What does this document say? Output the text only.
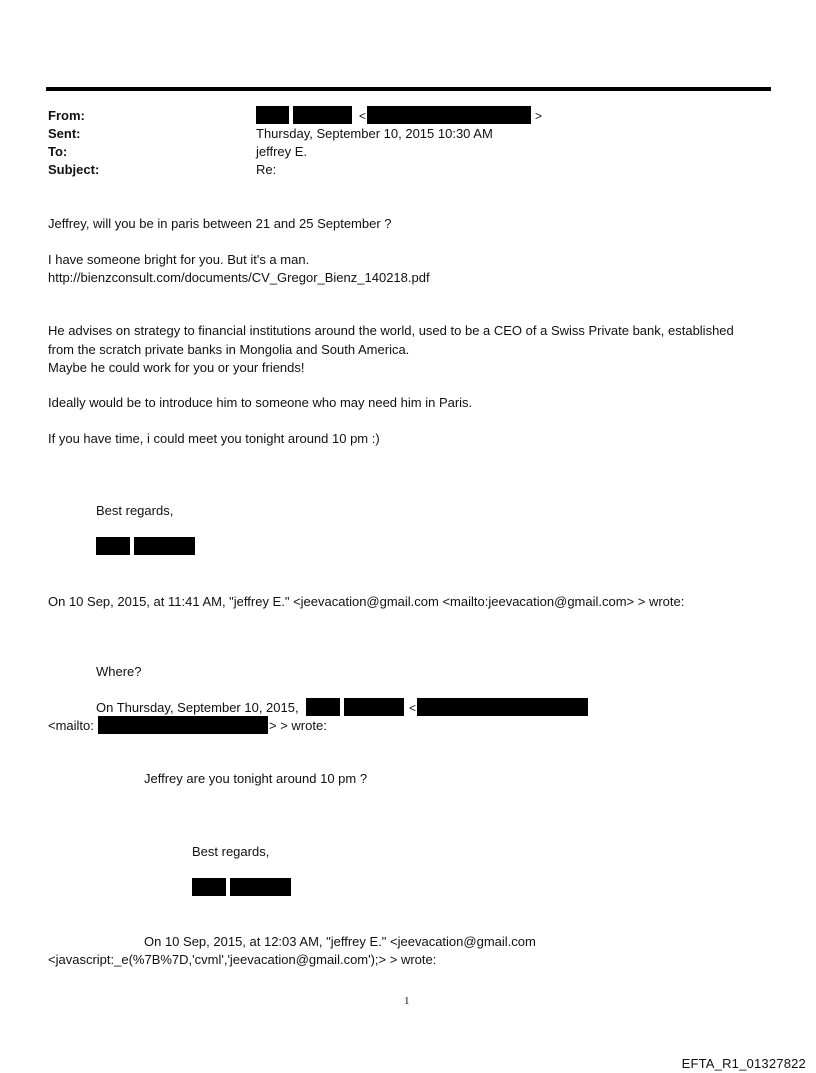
From:	<	>
Sent:	Thursday, September 10, 2015 10:30 AM
To:	jeffrey E.
Subject:	Re:
Jeffrey, will you be in paris between 21 and 25 September ?
I have someone bright for you. But it's a man.
http://bienzconsult.com/documents/CV_Gregor_Bienz_140218.pdf
He advises on strategy to financial institutions around the world, used to be a CEO of a Swiss Private bank, established
from the scratch private banks in Mongolia and South America.
Maybe he could work for you or your friends!
Ideally would be to introduce him to someone who may need him in Paris.
If you have time, i could meet you tonight around 10 pm :)
Best regards,
On 10 Sep, 2015, at 11:41 AM, "jeffrey E." <jeevacation@gmail.com <mailto:jeevacation@gmail.com> > wrote:
Where?
On Thursday, September 10, 2015,	<
<mailto:	> > wrote:
Jeffrey are you tonight around 10 pm ?
Best regards,
On 10 Sep, 2015, at 12:03 AM, "jeffrey E." <jeevacation@gmail.com
<javascript:_e(%7B%7D,'cvml','jeevacation@gmail.com');> > wrote:
1
EFTA_R1_01327822
